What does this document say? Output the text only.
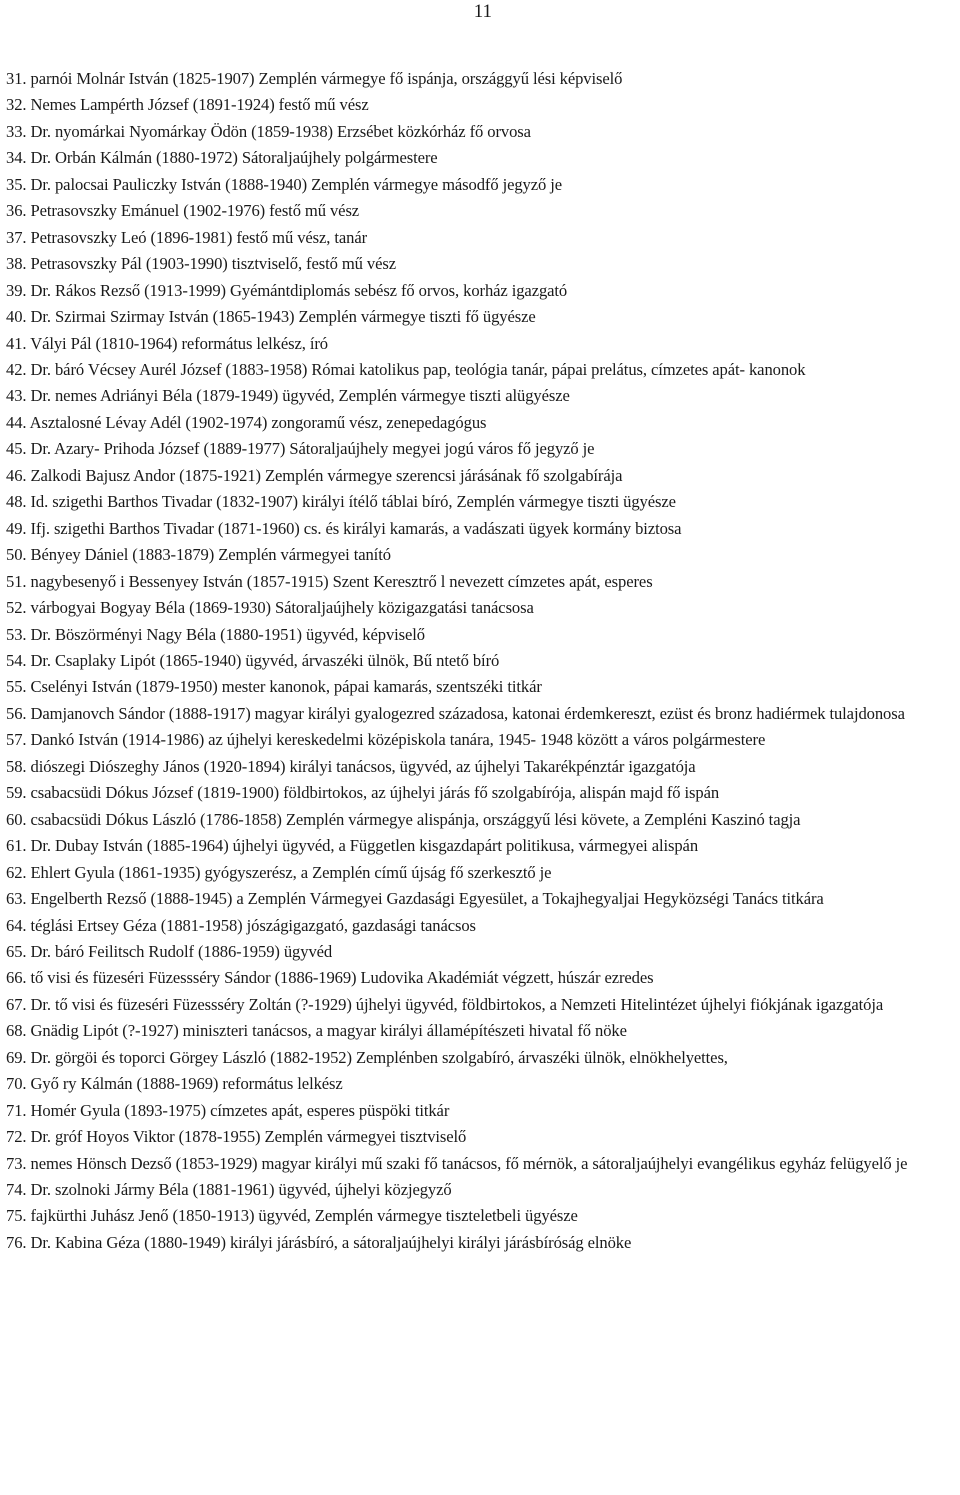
11
31. parnói Molnár István (1825-1907) Zemplén vármegye fő ispánja, országgyű lési képviselő
32. Nemes Lampérth József (1891-1924) festő mű vész
33. Dr. nyomárkai Nyomárkay Ödön (1859-1938) Erzsébet közkórház fő orvosa
34. Dr. Orbán Kálmán (1880-1972) Sátoraljaújhely polgármestere
35. Dr. palocsai Pauliczky István (1888-1940) Zemplén vármegye másodfő jegyző je
36. Petrasovszky Emánuel (1902-1976) festő mű vész
37. Petrasovszky Leó (1896-1981) festő mű vész, tanár
38. Petrasovszky Pál (1903-1990) tisztviselő, festő mű vész
39. Dr. Rákos Rezső (1913-1999) Gyémántdiplomás sebész fő orvos, korház igazgató
40. Dr. Szirmai Szirmay István (1865-1943) Zemplén vármegye tiszti fő ügyésze
41. Vályi Pál (1810-1964) református lelkész, író
42. Dr. báró Vécsey Aurél József (1883-1958) Római katolikus pap, teológia tanár, pápai prelátus, címzetes apát- kanonok
43. Dr. nemes Adriányi Béla (1879-1949) ügyvéd, Zemplén vármegye tiszti alügyésze
44. Asztalosné Lévay Adél (1902-1974) zongoramű vész, zenepedagógus
45. Dr. Azary- Prihoda József (1889-1977) Sátoraljaújhely megyei jogú város fő jegyző je
46. Zalkodi Bajusz Andor (1875-1921) Zemplén vármegye szerencsi járásának fő szolgabírája
48. Id. szigethi Barthos Tivadar (1832-1907) királyi ítélő táblai bíró, Zemplén vármegye tiszti ügyésze
49. Ifj. szigethi Barthos Tivadar (1871-1960) cs. és királyi kamarás, a vadászati ügyek kormány biztosa
50. Bényey Dániel (1883-1879) Zemplén vármegyei tanító
51. nagybesenyő i Bessenyey István (1857-1915) Szent Keresztrő l nevezett címzetes apát, esperes
52. várbogyai Bogyay Béla (1869-1930) Sátoraljaújhely közigazgatási tanácsosa
53. Dr. Böszörményi Nagy Béla (1880-1951) ügyvéd, képviselő
54. Dr. Csaplaky Lipót (1865-1940) ügyvéd, árvaszéki ülnök, Bű ntető bíró
55. Cselényi István (1879-1950) mester kanonok, pápai kamarás, szentszéki titkár
56. Damjanovch Sándor (1888-1917) magyar királyi gyalogezred századosa, katonai érdemkereszt, ezüst és bronz hadiérmek tulajdonosa
57. Dankó István (1914-1986) az újhelyi kereskedelmi középiskola tanára, 1945- 1948 között a város polgármestere
58. diószegi Diószeghy János (1920-1894) királyi tanácsos, ügyvéd, az újhelyi Takarékpénztár igazgatója
59. csabacsüdi Dókus József (1819-1900) földbirtokos, az újhelyi járás fő szolgabírója, alispán majd fő ispán
60. csabacsüdi Dókus László (1786-1858) Zemplén vármegye alispánja, országgyű lési követe, a Zempléni Kaszinó tagja
61. Dr. Dubay István (1885-1964) újhelyi ügyvéd, a Független kisgazdapárt politikusa, vármegyei alispán
62. Ehlert Gyula (1861-1935) gyógyszerész, a Zemplén című újság fő szerkesztő je
63. Engelberth Rezső (1888-1945) a Zemplén Vármegyei Gazdasági Egyesület, a Tokajhegyaljai Hegyközségi Tanács titkára
64. téglási Ertsey Géza (1881-1958) jószágigazgató, gazdasági tanácsos
65. Dr. báró Feilitsch Rudolf (1886-1959) ügyvéd
66. tő visi és füzeséri Füzessséry Sándor (1886-1969) Ludovika Akadémiát végzett, húszár ezredes
67. Dr. tő visi és füzeséri Füzessséry Zoltán (?-1929) újhelyi ügyvéd, földbirtokos, a Nemzeti Hitelintézet újhelyi fiókjának igazgatója
68. Gnädig Lipót (?-1927) miniszteri tanácsos, a magyar királyi államépítészeti hivatal fő nöke
69. Dr. görgöi és toporci Görgey László (1882-1952) Zemplénben szolgabíró, árvaszéki ülnök, elnökhelyettes,
70. Győ ry Kálmán (1888-1969) református lelkész
71. Homér Gyula (1893-1975) címzetes apát, esperes püspöki titkár
72. Dr. gróf Hoyos Viktor (1878-1955) Zemplén vármegyei tisztviselő
73. nemes Hönsch Dezső (1853-1929) magyar királyi mű szaki fő tanácsos, fő mérnök, a sátoraljaújhelyi evangélikus egyház felügyelő je
74. Dr. szolnoki Jármy Béla (1881-1961) ügyvéd, újhelyi közjegyző
75. fajkürthi Juhász Jenő (1850-1913) ügyvéd, Zemplén vármegye tiszteletbeli ügyésze
76. Dr. Kabina Géza (1880-1949) királyi járásbíró, a sátoraljaújhelyi királyi járásbíróság elnöke
